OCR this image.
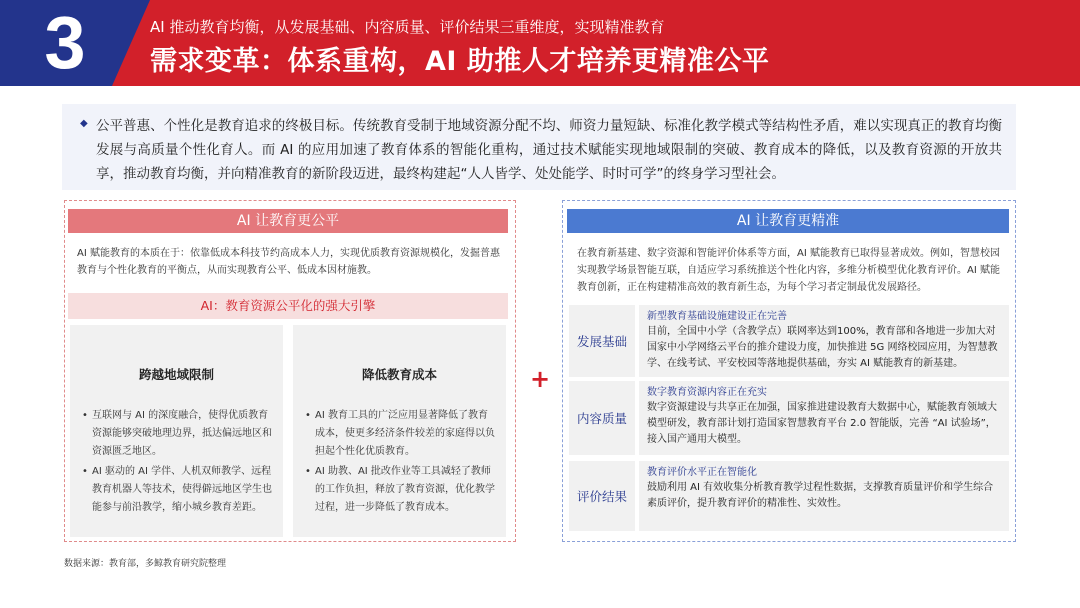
3	AI 推动教育均衡，从发展基础、内容质量、评价结果三重维度，实现精准教育
需求变革：体系重构，AI 助推人才培养更精准公平
◆ 公平普惠、个性化是教育追求的终极目标。传统教育受制于地域资源分配不均、师资力量短缺、标准化教学模式等结构性矛盾，难以实现真正的教育均衡发展与高质量个性化育人。而 AI 的应用加速了教育体系的智能化重构，通过技术赋能实现地域限制的突破、教育成本的降低，以及教育资源的开放共享，推动教育均衡，并向精准教育的新阶段迈进，最终构建起“人人皆学、处处能学、时时可学”的终身学习型社会。

AI 让教育更公平

AI 赋能教育的本质在于：依靠低成本科技节约高成本人力，实现优质教育资源规模化，发掘普惠教育与个性化教育的平衡点，从而实现教育公平、低成本因材施教。

AI：教育资源公平化的强大引擎
跨越地域限制
• 互联网与 AI 的深度融合，使得优质教育资源能够突破地理边界，抵达偏远地区和资源匮乏地区。
• AI 驱动的 AI 学伴、人机双师教学、远程教育机器人等技术，使得僻远地区学生也能参与前沿教学，缩小城乡教育差距。
降低教育成本
• AI 教育工具的广泛应用显著降低了教育成本，使更多经济条件较差的家庭得以负担起个性化优质教育。
• AI 助教、AI 批改作业等工具减轻了教师的工作负担，释放了教育资源，优化教学过程，进一步降低了教育成本。
+
AI 让教育更精准

在教育新基建、数字资源和智能评价体系等方面，AI 赋能教育已取得显著成效。例如，智慧校园实现教学场景智能互联，自适应学习系统推送个性化内容，多维分析模型优化教育评价。AI 赋能教育创新，正在构建精准高效的教育新生态，为每个学习者定制最优发展路径。

发展基础
新型教育基础设施建设正在完善
目前，全国中小学（含教学点）联网率达到100%，教育部和各地进一步加大对国家中小学网络云平台的推介建设力度，加快推进 5G 网络校园应用，为智慧教学、在线考试、平安校园等落地提供基础，夯实 AI 赋能教育的新基建。
内容质量
数字教育资源内容正在充实
数字资源建设与共享正在加强，国家推进建设教育大数据中心，赋能教育领域大模型研发，教育部计划打造国家智慧教育平台 2.0 智能版，完善 “AI 试验场”，接入国产通用大模型。
评价结果
教育评价水平正在智能化
鼓励利用 AI 有效收集分析教育教学过程性数据，支撑教育质量评价和学生综合素质评价，提升教育评价的精准性、实效性。
数据来源：教育部，多鲸教育研究院整理
